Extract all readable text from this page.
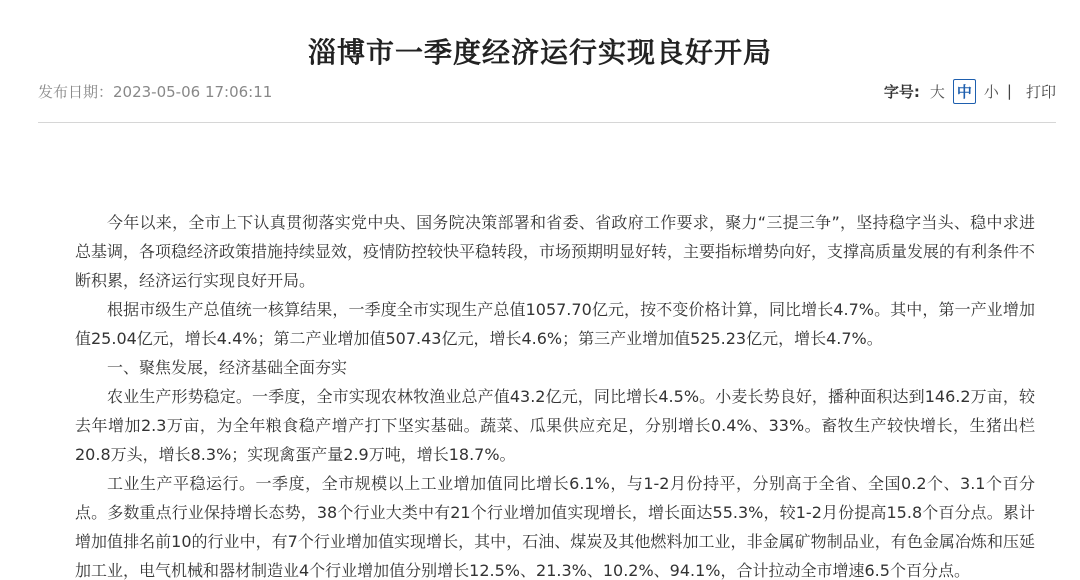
淄博市一季度经济运行实现良好开局
发布日期：2023-05-06 17:06:11	字号: 大 中 小 | 打印

今年以来，全市上下认真贯彻落实党中央、国务院决策部署和省委、省政府工作要求，聚力“三提三争”，坚持稳字当头、稳中求进总基调，各项稳经济政策措施持续显效，疫情防控较快平稳转段，市场预期明显好转，主要指标增势向好，支撑高质量发展的有利条件不断积累，经济运行实现良好开局。

根据市级生产总值统一核算结果，一季度全市实现生产总值1057.70亿元，按不变价格计算，同比增长4.7%。其中，第一产业增加值25.04亿元，增长4.4%；第二产业增加值507.43亿元，增长4.6%；第三产业增加值525.23亿元，增长4.7%。

一、聚焦发展，经济基础全面夯实

农业生产形势稳定。一季度，全市实现农林牧渔业总产值43.2亿元，同比增长4.5%。小麦长势良好，播种面积达到146.2万亩，较去年增加2.3万亩，为全年粮食稳产增产打下坚实基础。蔬菜、瓜果供应充足，分别增长0.4%、33%。畜牧生产较快增长，生猪出栏20.8万头，增长8.3%；实现禽蛋产量2.9万吨，增长18.7%。

工业生产平稳运行。一季度，全市规模以上工业增加值同比增长6.1%，与1-2月份持平，分别高于全省、全国0.2个、3.1个百分点。多数重点行业保持增长态势，38个行业大类中有21个行业增加值实现增长，增长面达55.3%，较1-2月份提高15.8个百分点。累计增加值排名前10的行业中，有7个行业增加值实现增长，其中，石油、煤炭及其他燃料加工业，非金属矿物制品业，有色金属冶炼和压延加工业，电气机械和器材制造业4个行业增加值分别增长12.5%、21.3%、10.2%、94.1%，合计拉动全市增速6.5个百分点。
